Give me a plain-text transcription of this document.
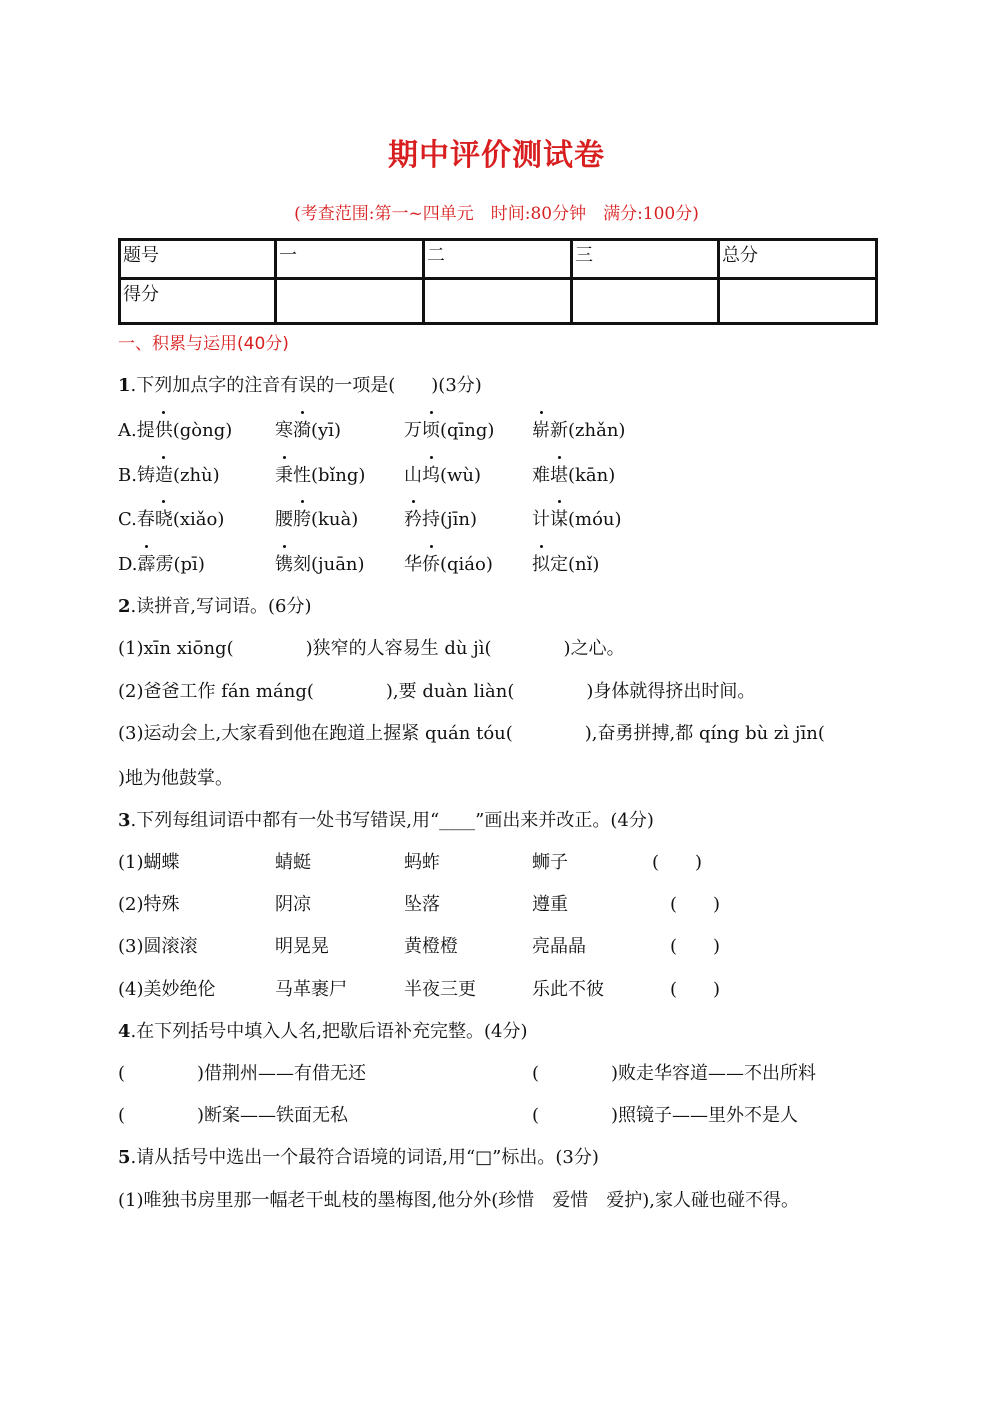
期中评价测试卷
(考查范围:第一~四单元　时间:80分钟　满分:100分)
题号	一	二	三	总分
得分				
一、积累与运用(40分)
1.下列加点字的注音有误的一项是(　　)(3分)
A.提供(gòng) 寒漪(yī)	万顷(qīng) 崭新(zhǎn)
B.铸造(zhù)	秉性(bǐng) 山坞(wù)	难堪(kān)
C.春晓(xiǎo)	腰胯(kuà)	矜持(jīn)	计谋(móu)
D.霹雳(pī)	镌刻(juān) 华侨(qiáo) 拟定(nǐ)
2.读拼音,写词语。(6分)
(1)xīn xiōng(　　　　)狭窄的人容易生 dù jì(　　　　)之心。
(2)爸爸工作 fán máng(　　　　),要 duàn liàn(　　　　)身体就得挤出时间。
(3)运动会上,大家看到他在跑道上握紧 quán tóu(　　　　),奋勇拼搏,都 qíng bù zì jīn(
)地为他鼓掌。
3.下列每组词语中都有一处书写错误,用“____”画出来并改正。(4分)
(1)蝴蝶	蜻蜓	蚂蚱	蛳子	(　　)
(2)特殊	阴凉	坠落	遵重	(　　)
(3)圆滚滚	明晃晃	黄橙橙	亮晶晶	(　　)
(4)美妙绝伦	马革裹尸	半夜三更	乐此不彼	(　　)
4.在下列括号中填入人名,把歇后语补充完整。(4分)
(　　　　)借荆州——有借无还	(　　　　)败走华容道——不出所料
(　　　　)断案——铁面无私	(　　　　)照镜子——里外不是人
5.请从括号中选出一个最符合语境的词语,用“□”标出。(3分)
(1)唯独书房里那一幅老干虬枝的墨梅图,他分外(珍惜　爱惜　爱护),家人碰也碰不得。
